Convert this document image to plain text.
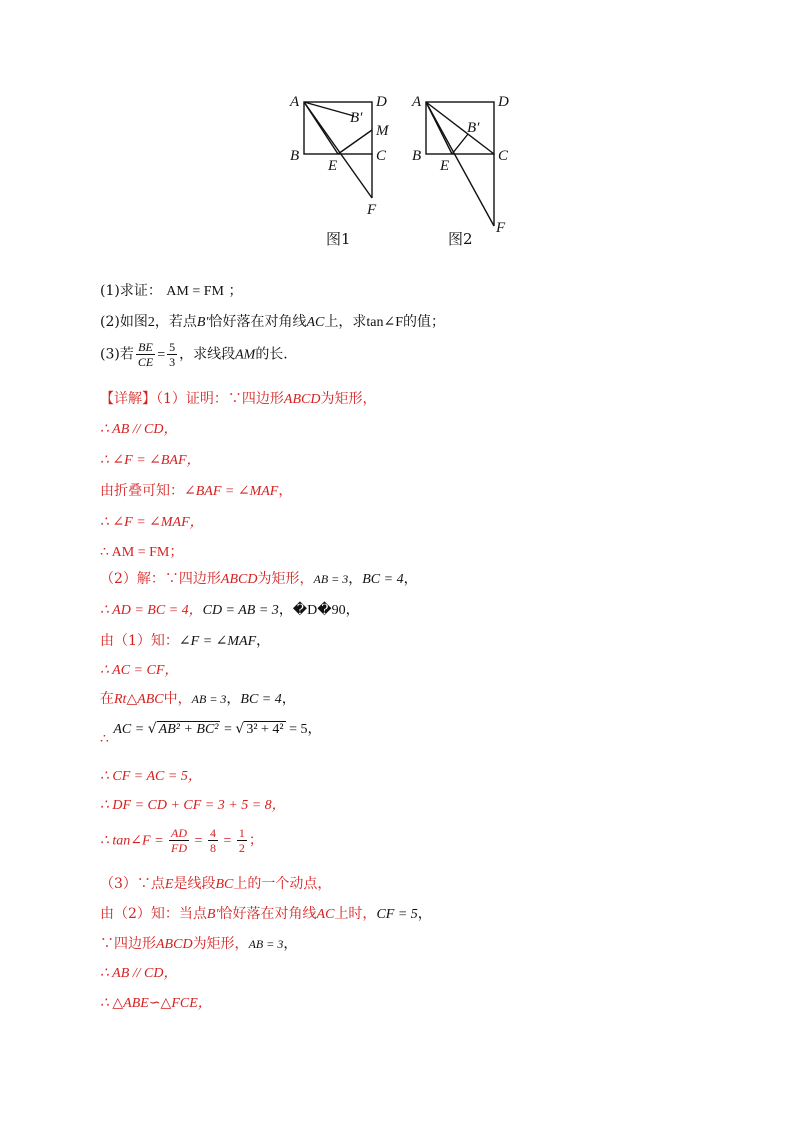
A	D
B′
M
B
E
C
F
A	D
B′
B
E
C
F
图1	图2
(1)求证： AM = FM ；
(2)如图2，若点B′恰好落在对角线AC上，求tan∠F的值；
(3)若 $\frac{BE}{CE} = \frac{5}{3}$ ，求线段AM的长.
【详解】（1）证明：∵四边形ABCD为矩形，
∴ AB // CD，
∴ ∠F = ∠BAF，
由折叠可知：∠BAF = ∠MAF，
∴ ∠F = ∠MAF，
∴ AM = FM；
（2）解：∵四边形ABCD为矩形，AB = 3，BC = 4，
∴ AD = BC = 4，CD = AB = 3，�D�90，
由（1）知：∠F = ∠MAF，
∴ AC = CF，
在Rt△ABC中，AB = 3，BC = 4，
∴ AC = √ AB² + BC² = √ 3² + 4² = 5，
∴ CF = AC = 5，
∴ DF = CD + CF = 3 + 5 = 8，
∴ tan∠F = $\frac{AD}{FD} = \frac{4}{8} = \frac{1}{2}$ ；
（3）∵点E是线段BC上的一个动点，
由（2）知：当点B′恰好落在对角线AC上时，CF = 5，
∵四边形ABCD为矩形，AB = 3，
∴ AB // CD，
∴ △ABE∽△FCE，
